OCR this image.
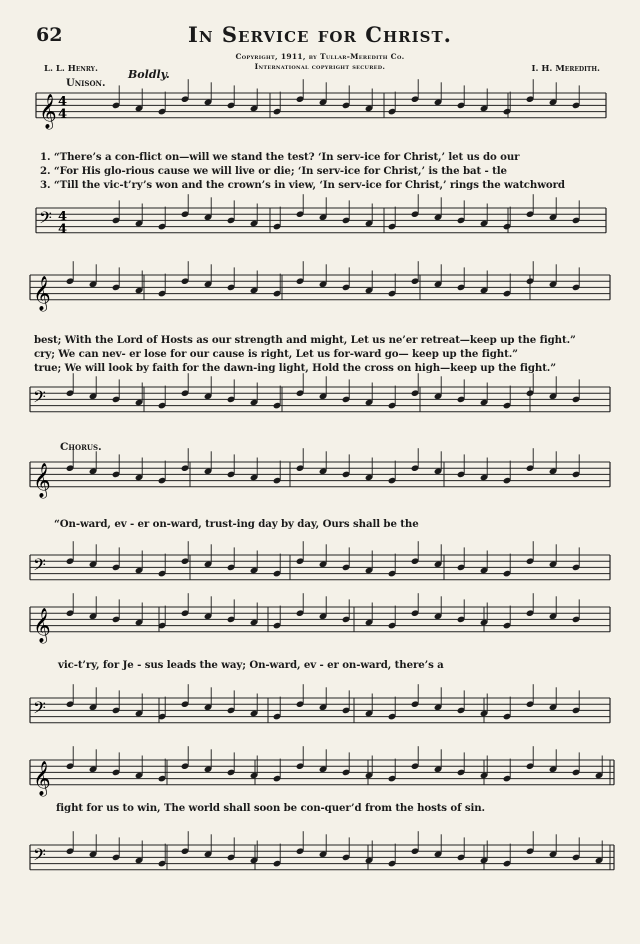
62	In Service for Christ.
Copyright, 1911, by Tullar-Meredith Co.
International copyright secured.
L. L. Henry.	I. H. Meredith.
Unison.
Boldly.
Chorus.
1. “There’s a con-flict on—will we stand the test? ‘In serv-ice for Christ,’ let us do our
2. “For His glo-rious cause we will live or die; ‘In serv-ice for Christ,’ is the bat - tle
3. “Till the vic-t’ry’s won and the crown’s in view, ‘In serv-ice for Christ,’ rings the watchword
best; With the Lord of Hosts as our strength and might, Let us ne’er retreat—keep up the fight.”
cry; We can nev- er lose for our cause is right, Let us for-ward go— keep up the fight.”
true; We will look by faith for the dawn-ing light, Hold the cross on high—keep up the fight.”
“On-ward, ev - er on-ward, trust-ing day by day, Ours shall be the
vic-t’ry, for Je - sus leads the way; On-ward, ev - er on-ward, there’s a
fight for us to win, The world shall soon be con-quer’d from the hosts of sin.
𝄞
𝄢
𝄞
𝄢
𝄞
𝄢
𝄞
𝄢
𝄞
𝄢
4
4
4
4
